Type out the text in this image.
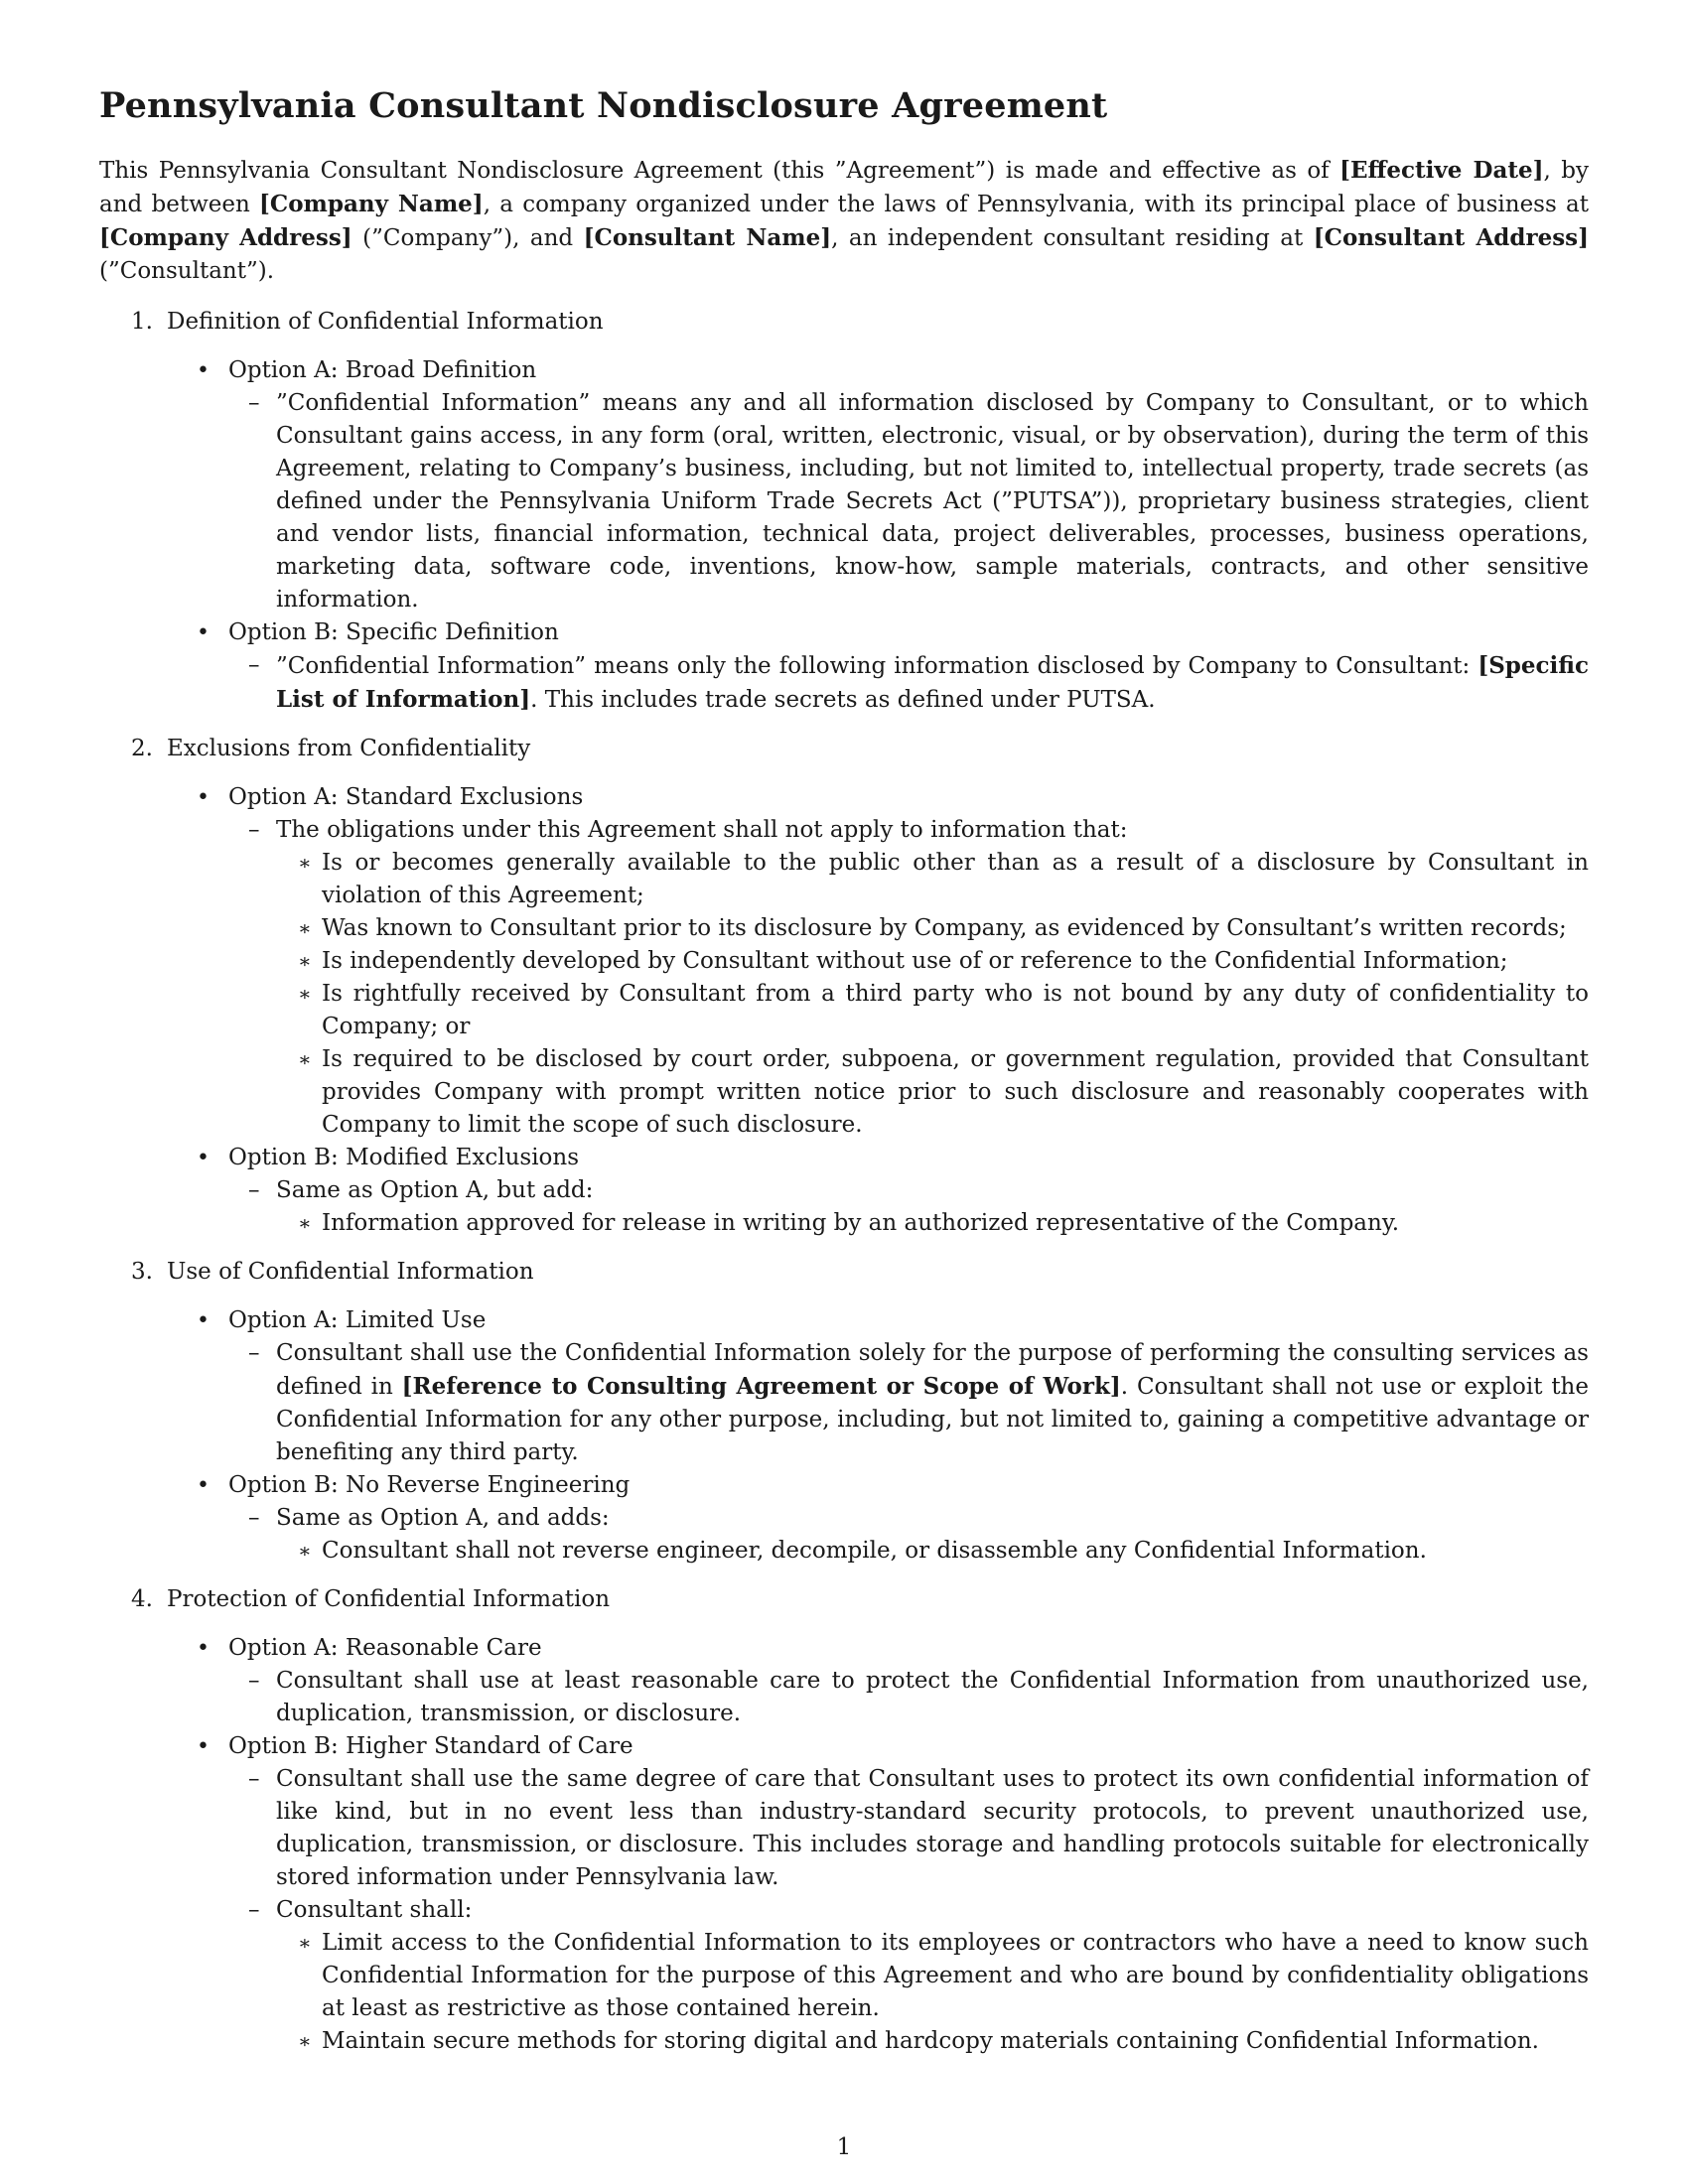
Pennsylvania Consultant Nondisclosure Agreement

This Pennsylvania Consultant Nondisclosure Agreement (this ”Agreement”) is made and effective as of [Effective Date], by and between [Company Name], a company organized under the laws of Pennsylvania, with its principal place of business at [Company Address] (”Company”), and [Consultant Name], an independent consultant residing at [Consultant Address] (”Consultant”).

1. Definition of Confidential Information
• Option A: Broad Definition
– ”Confidential Information” means any and all information disclosed by Company to Consultant, or to which Consultant gains access, in any form (oral, written, electronic, visual, or by observation), during the term of this Agreement, relating to Company’s business, including, but not limited to, intellectual property, trade secrets (as defined under the Pennsylvania Uniform Trade Secrets Act (”PUTSA”)), proprietary business strategies, client and vendor lists, financial information, technical data, project deliverables, processes, business operations, marketing data, software code, inventions, know-how, sample materials, contracts, and other sensitive information.
• Option B: Specific Definition
– ”Confidential Information” means only the following information disclosed by Company to Consultant: [Specific List of Information]. This includes trade secrets as defined under PUTSA.
2. Exclusions from Confidentiality
• Option A: Standard Exclusions
– The obligations under this Agreement shall not apply to information that:
∗ Is or becomes generally available to the public other than as a result of a disclosure by Consultant in violation of this Agreement;
∗ Was known to Consultant prior to its disclosure by Company, as evidenced by Consultant’s written records;
∗ Is independently developed by Consultant without use of or reference to the Confidential Information;
∗ Is rightfully received by Consultant from a third party who is not bound by any duty of confidentiality to Company; or
∗ Is required to be disclosed by court order, subpoena, or government regulation, provided that Consultant provides Company with prompt written notice prior to such disclosure and reasonably cooperates with Company to limit the scope of such disclosure.
• Option B: Modified Exclusions
– Same as Option A, but add:
∗ Information approved for release in writing by an authorized representative of the Company.
3. Use of Confidential Information
• Option A: Limited Use
– Consultant shall use the Confidential Information solely for the purpose of performing the consulting services as defined in [Reference to Consulting Agreement or Scope of Work]. Consultant shall not use or exploit the Confidential Information for any other purpose, including, but not limited to, gaining a competitive advantage or benefiting any third party.
• Option B: No Reverse Engineering
– Same as Option A, and adds:
∗ Consultant shall not reverse engineer, decompile, or disassemble any Confidential Information.
4. Protection of Confidential Information
• Option A: Reasonable Care
– Consultant shall use at least reasonable care to protect the Confidential Information from unauthorized use, duplication, transmission, or disclosure.
• Option B: Higher Standard of Care
– Consultant shall use the same degree of care that Consultant uses to protect its own confidential information of like kind, but in no event less than industry-standard security protocols, to prevent unauthorized use, duplication, transmission, or disclosure. This includes storage and handling protocols suitable for electronically stored information under Pennsylvania law.
– Consultant shall:
∗ Limit access to the Confidential Information to its employees or contractors who have a need to know such Confidential Information for the purpose of this Agreement and who are bound by confidentiality obligations at least as restrictive as those contained herein.
∗ Maintain secure methods for storing digital and hardcopy materials containing Confidential Information.
1
